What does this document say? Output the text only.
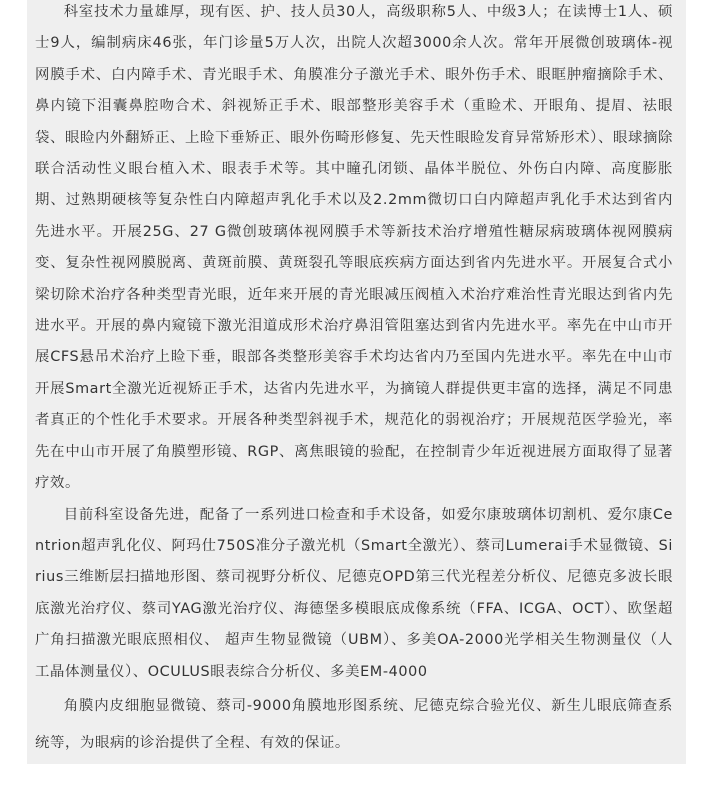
科室技术力量雄厚，现有医、护、技人员30人，高级职称5人、中级3人；在读博士1人、硕士9人，编制病床46张，年门诊量5万人次，出院人次超3000余人次。常年开展微创玻璃体-视网膜手术、白内障手术、青光眼手术、角膜准分子激光手术、眼外伤手术、眼眶肿瘤摘除手术、鼻内镜下泪囊鼻腔吻合术、斜视矫正手术、眼部整形美容手术（重睑术、开眼角、提眉、祛眼袋、眼睑内外翻矫正、上睑下垂矫正、眼外伤畸形修复、先天性眼睑发育异常矫形术）、眼球摘除联合活动性义眼台植入术、眼表手术等。其中瞳孔闭锁、晶体半脱位、外伤白内障、高度膨胀期、过熟期硬核等复杂性白内障超声乳化手术以及2.2mm微切口白内障超声乳化手术达到省内先进水平。开展25G、27 G微创玻璃体视网膜手术等新技术治疗增殖性糖尿病玻璃体视网膜病变、复杂性视网膜脱离、黄斑前膜、黄斑裂孔等眼底疾病方面达到省内先进水平。开展复合式小梁切除术治疗各种类型青光眼，近年来开展的青光眼减压阀植入术治疗难治性青光眼达到省内先进水平。开展的鼻内窥镜下激光泪道成形术治疗鼻泪管阻塞达到省内先进水平。率先在中山市开展CFS悬吊术治疗上睑下垂，眼部各类整形美容手术均达省内乃至国内先进水平。率先在中山市开展Smart全激光近视矫正手术，达省内先进水平，为摘镜人群提供更丰富的选择，满足不同患者真正的个性化手术要求。开展各种类型斜视手术，规范化的弱视治疗；开展规范医学验光，率先在中山市开展了角膜塑形镜、RGP、离焦眼镜的验配，在控制青少年近视进展方面取得了显著疗效。

目前科室设备先进，配备了一系列进口检查和手术设备，如爱尔康玻璃体切割机、爱尔康Centrion超声乳化仪、阿玛仕750S准分子激光机（Smart全激光）、蔡司Lumerai手术显微镜、Sirius三维断层扫描地形图、蔡司视野分析仪、尼德克OPD第三代光程差分析仪、尼德克多波长眼底激光治疗仪、蔡司YAG激光治疗仪、海德堡多模眼底成像系统（FFA、ICGA、OCT）、欧堡超广角扫描激光眼底照相仪、 超声生物显微镜（UBM）、多美OA-2000光学相关生物测量仪（人工晶体测量仪）、OCULUS眼表综合分析仪、多美EM-4000
角膜内皮细胞显微镜、蔡司-9000角膜地形图系统、尼德克综合验光仪、新生儿眼底筛查系统等，为眼病的诊治提供了全程、有效的保证。
